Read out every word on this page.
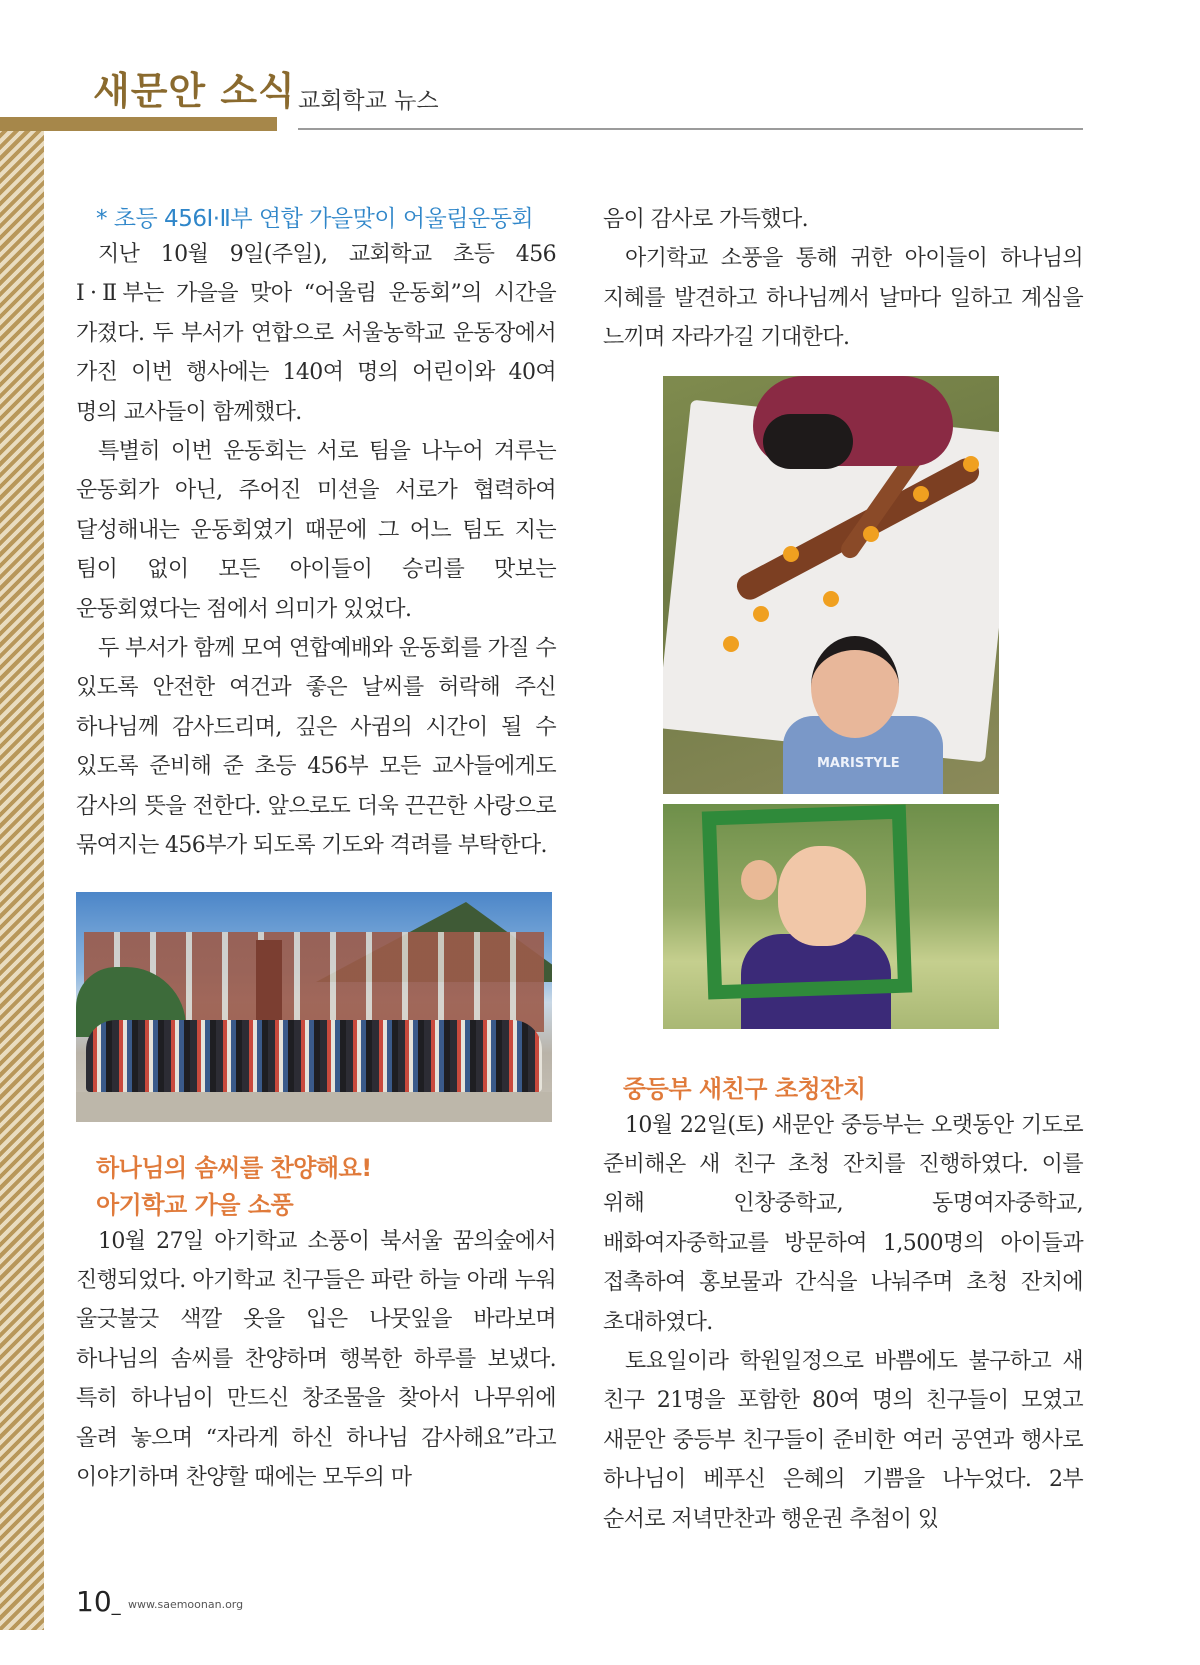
새문안 소식 교회학교 뉴스
* 초등 456Ⅰ·Ⅱ부 연합 가을맞이 어울림운동회

지난 10월 9일(주일), 교회학교 초등 456 Ⅰ·Ⅱ부는 가을을 맞아 “어울림 운동회”의 시간을 가졌다. 두 부서가 연합으로 서울농학교 운동장에서 가진 이번 행사에는 140여 명의 어린이와 40여 명의 교사들이 함께했다.

특별히 이번 운동회는 서로 팀을 나누어 겨루는 운동회가 아닌, 주어진 미션을 서로가 협력하여 달성해내는 운동회였기 때문에 그 어느 팀도 지는 팀이 없이 모든 아이들이 승리를 맛보는 운동회였다는 점에서 의미가 있었다.

두 부서가 함께 모여 연합예배와 운동회를 가질 수 있도록 안전한 여건과 좋은 날씨를 허락해 주신 하나님께 감사드리며, 깊은 사귐의 시간이 될 수 있도록 준비해 준 초등 456부 모든 교사들에게도 감사의 뜻을 전한다. 앞으로도 더욱 끈끈한 사랑으로 묶여지는 456부가 되도록 기도와 격려를 부탁한다.

하나님의 솜씨를 찬양해요!
아기학교 가을 소풍

10월 27일 아기학교 소풍이 북서울 꿈의숲에서 진행되었다. 아기학교 친구들은 파란 하늘 아래 누워 울긋불긋 색깔 옷을 입은 나뭇잎을 바라보며 하나님의 솜씨를 찬양하며 행복한 하루를 보냈다. 특히 하나님이 만드신 창조물을 찾아서 나무위에 올려 놓으며 “자라게 하신 하나님 감사해요”라고 이야기하며 찬양할 때에는 모두의 마

음이 감사로 가득했다.

아기학교 소풍을 통해 귀한 아이들이 하나님의 지혜를 발견하고 하나님께서 날마다 일하고 계심을 느끼며 자라가길 기대한다.

MARISTYLE
중등부 새친구 초청잔치

10월 22일(토) 새문안 중등부는 오랫동안 기도로 준비해온 새 친구 초청 잔치를 진행하였다. 이를 위해 인창중학교, 동명여자중학교, 배화여자중학교를 방문하여 1,500명의 아이들과 접촉하여 홍보물과 간식을 나눠주며 초청 잔치에 초대하였다.

토요일이라 학원일정으로 바쁨에도 불구하고 새 친구 21명을 포함한 80여 명의 친구들이 모였고 새문안 중등부 친구들이 준비한 여러 공연과 행사로 하나님이 베푸신 은혜의 기쁨을 나누었다. 2부 순서로 저녁만찬과 행운권 추첨이 있

10_ www.saemoonan.org
